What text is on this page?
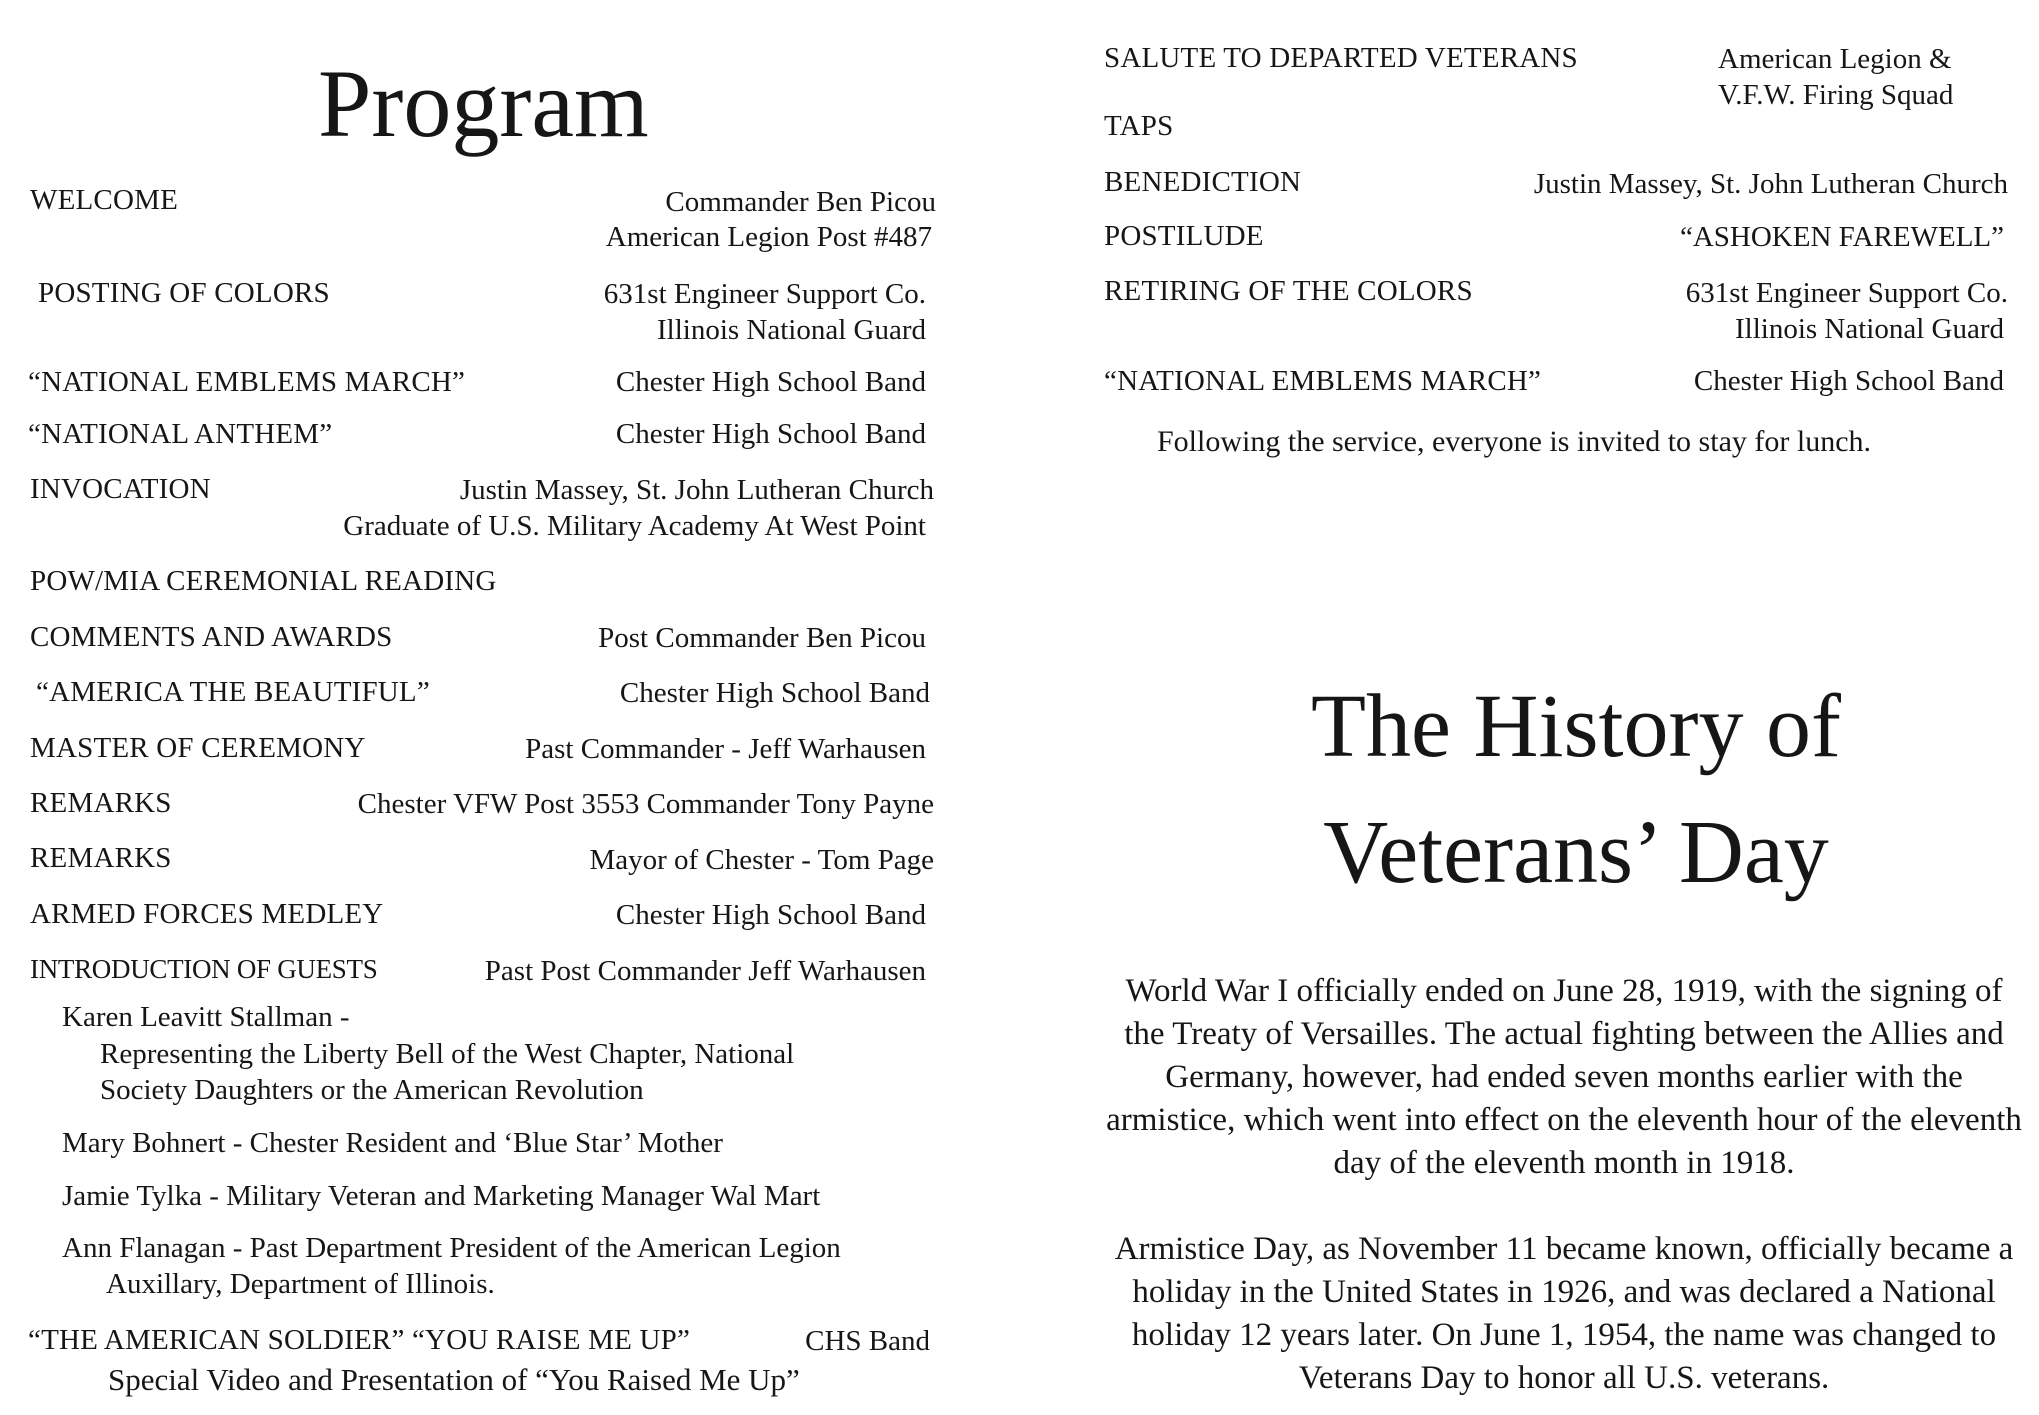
Program
WELCOME	Commander Ben Picou
American Legion Post #487
POSTING OF COLORS	631st Engineer Support Co.
Illinois National Guard
“NATIONAL EMBLEMS MARCH”	Chester High School Band
“NATIONAL ANTHEM”	Chester High School Band
INVOCATION	Justin Massey, St. John Lutheran Church
Graduate of U.S. Military Academy At West Point
POW/MIA CEREMONIAL READING
COMMENTS AND AWARDS	Post Commander Ben Picou
“AMERICA THE BEAUTIFUL”	Chester High School Band
MASTER OF CEREMONY	Past Commander - Jeff Warhausen
REMARKS	Chester VFW Post 3553 Commander Tony Payne
REMARKS	Mayor of Chester - Tom Page
ARMED FORCES MEDLEY	Chester High School Band
INTRODUCTION OF GUESTS	Past Post Commander Jeff Warhausen
Karen Leavitt Stallman -
Representing the Liberty Bell of the West Chapter, National
Society Daughters or the American Revolution
Mary Bohnert - Chester Resident and ‘Blue Star’ Mother
Jamie Tylka - Military Veteran and Marketing Manager Wal Mart
Ann Flanagan - Past Department President of the American Legion
Auxillary, Department of Illinois.
“THE AMERICAN SOLDIER” “YOU RAISE ME UP”	CHS Band
Special Video and Presentation of “You Raised Me Up”
SALUTE TO DEPARTED VETERANS	American Legion &
V.F.W. Firing Squad
TAPS
BENEDICTION	Justin Massey, St. John Lutheran Church
POSTILUDE	“ASHOKEN FAREWELL”
RETIRING OF THE COLORS	631st Engineer Support Co.
Illinois National Guard
“NATIONAL EMBLEMS MARCH”	Chester High School Band
Following the service, everyone is invited to stay for lunch.
The History of
Veterans’ Day
World War I officially ended on June 28, 1919, with the signing of the Treaty of Versailles. The actual fighting between the Allies and Germany, however, had ended seven months earlier with the armistice, which went into effect on the eleventh hour of the eleventh day of the eleventh month in 1918.
Armistice Day, as November 11 became known, officially became a holiday in the United States in 1926, and was declared a National holiday 12 years later. On June 1, 1954, the name was changed to Veterans Day to honor all U.S. veterans.
